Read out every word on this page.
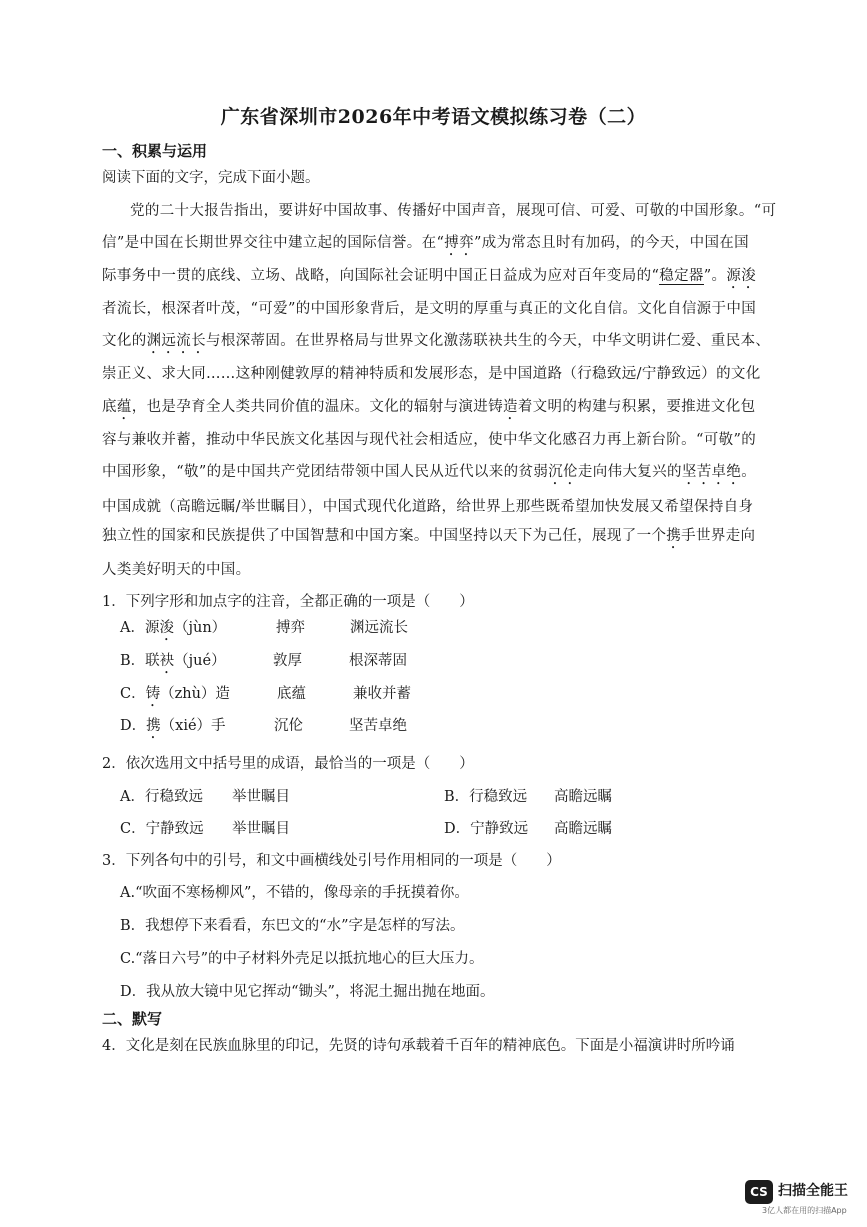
广东省深圳市2026年中考语文模拟练习卷（二）
一、积累与运用
阅读下面的文字，完成下面小题。
党的二十大报告指出，要讲好中国故事、传播好中国声音，展现可信、可爱、可敬的中国形象。“可
信”是中国在长期世界交往中建立起的国际信誉。在“搏弈”成为常态且时有加码，的今天，中国在国
际事务中一贯的底线、立场、战略，向国际社会证明中国正日益成为应对百年变局的“稳定器”。源浚
者流长，根深者叶茂，“可爱”的中国形象背后，是文明的厚重与真正的文化自信。文化自信源于中国
文化的渊远流长与根深蒂固。在世界格局与世界文化激荡联袂共生的今天，中华文明讲仁爱、重民本、
崇正义、求大同……这种刚健敦厚的精神特质和发展形态，是中国道路（行稳致远/宁静致远）的文化
底蕴，也是孕育全人类共同价值的温床。文化的辐射与演进铸造着文明的构建与积累，要推进文化包
容与兼收并蓄，推动中华民族文化基因与现代社会相适应，使中华文化感召力再上新台阶。“可敬”的
中国形象，“敬”的是中国共产党团结带领中国人民从近代以来的贫弱沉伦走向伟大复兴的坚苦卓绝。
中国成就（高瞻远瞩/举世瞩目），中国式现代化道路，给世界上那些既希望加快发展又希望保持自身
独立性的国家和民族提供了中国智慧和中国方案。中国坚持以天下为己任，展现了一个携手世界走向
人类美好明天的中国。
1．下列字形和加点字的注音，全都正确的一项是（　　）
A．源浚（jùn）	搏弈	渊远流长
B．联袂（jué）	敦厚	根深蒂固
C．铸（zhù）造	底蕴	兼收并蓄
D．携（xié）手	沉伦	坚苦卓绝
2．依次选用文中括号里的成语，最恰当的一项是（　　）
A．行稳致远 举世瞩目	B．行稳致远 高瞻远瞩
C．宁静致远 举世瞩目	D．宁静致远 高瞻远瞩
3．下列各句中的引号，和文中画横线处引号作用相同的一项是（　　）
A.“吹面不寒杨柳风”，不错的，像母亲的手抚摸着你。
B．我想停下来看看，东巴文的“水”字是怎样的写法。
C.“落日六号”的中子材料外壳足以抵抗地心的巨大压力。
D．我从放大镜中见它挥动“锄头”，将泥土掘出抛在地面。
二、默写
4．文化是刻在民族血脉里的印记，先贤的诗句承载着千百年的精神底色。下面是小福演讲时所吟诵
CS 扫描全能王
3亿人都在用的扫描App
